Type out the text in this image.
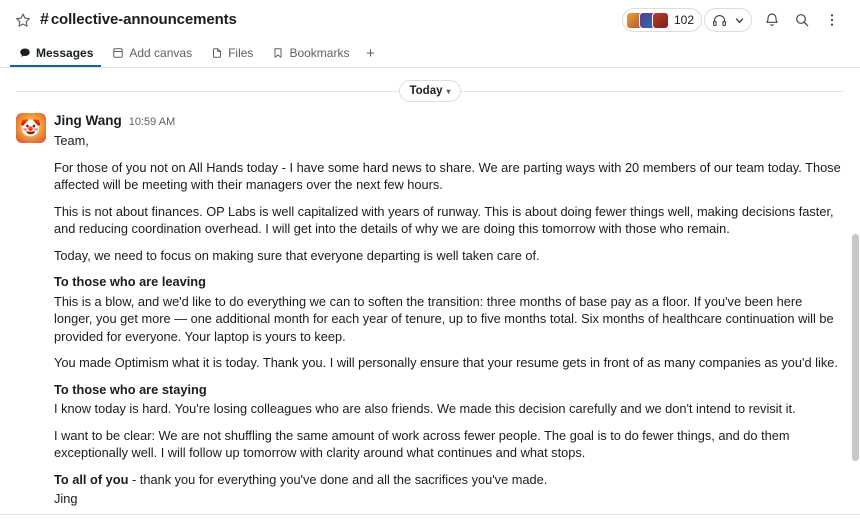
# collective-announcements	102
Messages	Add canvas	Files	Bookmarks	+
Today ▾
🤡 Jing Wang 10:59 AM

Team,

For those of you not on All Hands today - I have some hard news to share. We are parting ways with 20 members of our team today. Those affected will be meeting with their managers over the next few hours.

This is not about finances. OP Labs is well capitalized with years of runway. This is about doing fewer things well, making decisions faster, and reducing coordination overhead. I will get into the details of why we are doing this tomorrow with those who remain.

Today, we need to focus on making sure that everyone departing is well taken care of.

To those who are leaving

This is a blow, and we'd like to do everything we can to soften the transition: three months of base pay as a floor. If you've been here longer, you get more — one additional month for each year of tenure, up to five months total. Six months of healthcare continuation will be provided for everyone. Your laptop is yours to keep.

You made Optimism what it is today. Thank you. I will personally ensure that your resume gets in front of as many companies as you'd like.

To those who are staying

I know today is hard. You're losing colleagues who are also friends. We made this decision carefully and we don't intend to revisit it.

I want to be clear: We are not shuffling the same amount of work across fewer people. The goal is to do fewer things, and do them exceptionally well. I will follow up tomorrow with clarity around what continues and what stops.

To all of you - thank you for everything you've done and all the sacrifices you've made.

Jing
